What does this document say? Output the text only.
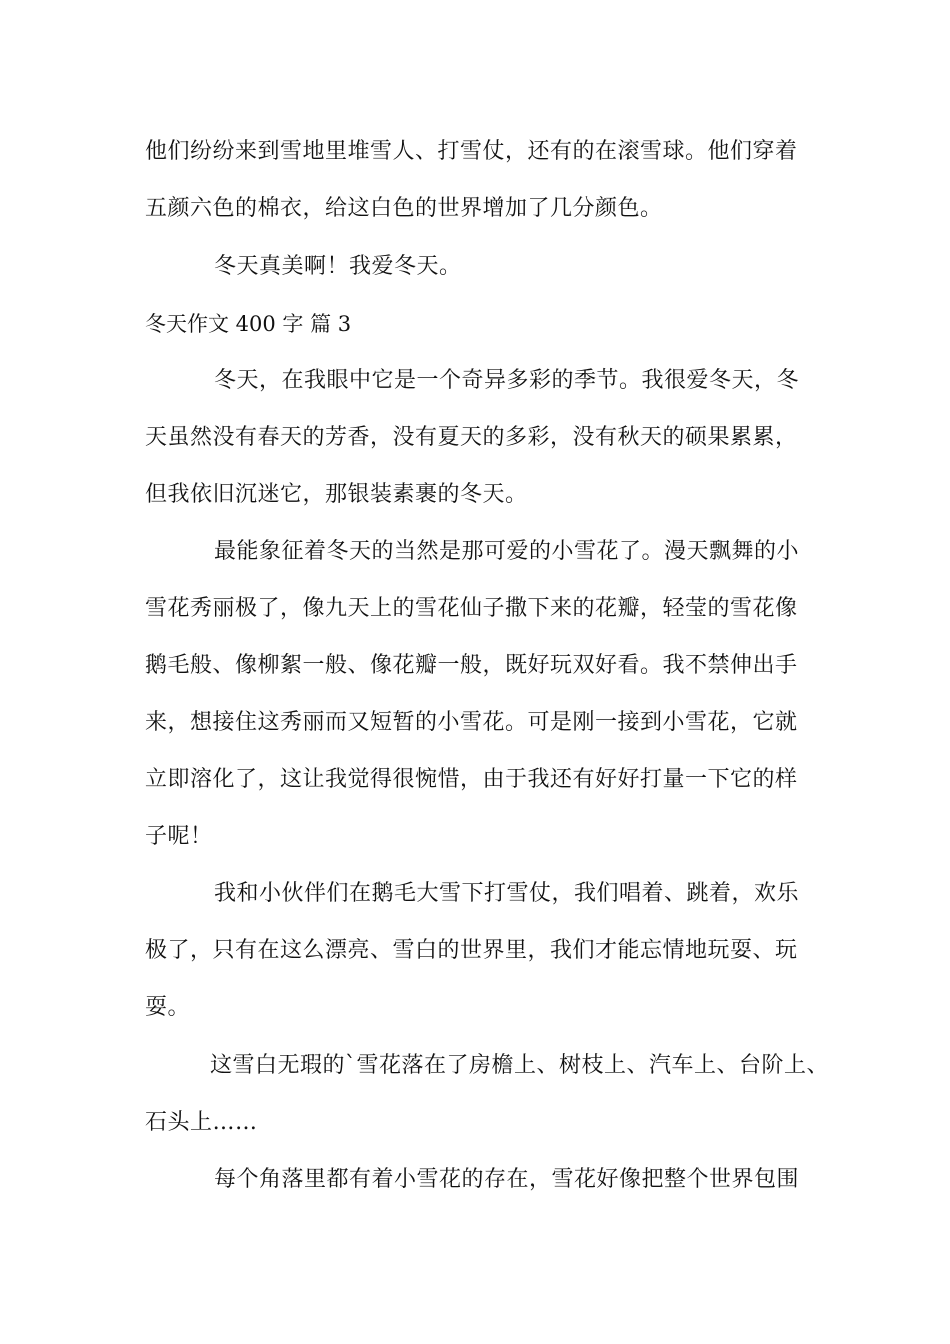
他们纷纷来到雪地里堆雪人、打雪仗，还有的在滚雪球。他们穿着
五颜六色的棉衣，给这白色的世界增加了几分颜色。
冬天真美啊！我爱冬天。
冬天作文 400 字 篇 3
冬天，在我眼中它是一个奇异多彩的季节。我很爱冬天，冬
天虽然没有春天的芳香，没有夏天的多彩，没有秋天的硕果累累，
但我依旧沉迷它，那银装素裹的冬天。
最能象征着冬天的当然是那可爱的小雪花了。漫天飘舞的小
雪花秀丽极了，像九天上的雪花仙子撒下来的花瓣，轻莹的雪花像
鹅毛般、像柳絮一般、像花瓣一般，既好玩双好看。我不禁伸出手
来，想接住这秀丽而又短暂的小雪花。可是刚一接到小雪花，它就
立即溶化了，这让我觉得很惋惜，由于我还有好好打量一下它的样
子呢！
我和小伙伴们在鹅毛大雪下打雪仗，我们唱着、跳着，欢乐
极了，只有在这么漂亮、雪白的世界里，我们才能忘情地玩耍、玩
耍。
这雪白无瑕的`雪花落在了房檐上、树枝上、汽车上、台阶上、
石头上……
每个角落里都有着小雪花的存在，雪花好像把整个世界包围
